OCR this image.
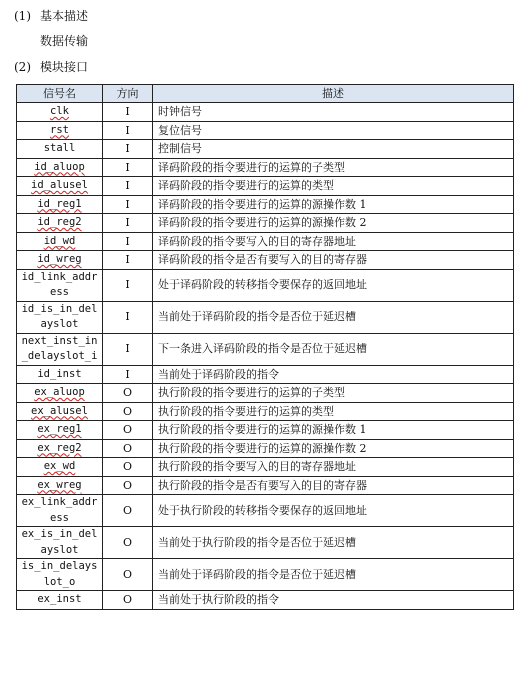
(1) 基本描述
数据传输
(2) 模块接口
信号名	方向	描述
clk	I	时钟信号
rst	I	复位信号
stall	I	控制信号
id_aluop	I	译码阶段的指令要进行的运算的子类型
id_alusel	I	译码阶段的指令要进行的运算的类型
id_reg1	I	译码阶段的指令要进行的运算的源操作数 1
id_reg2	I	译码阶段的指令要进行的运算的源操作数 2
id_wd	I	译码阶段的指令要写入的目的寄存器地址
id_wreg	I	译码阶段的指令是否有要写入的目的寄存器
id_link_address	I	处于译码阶段的转移指令要保存的返回地址
id_is_in_delayslot	I	当前处于译码阶段的指令是否位于延迟槽
next_inst_in_delayslot_i	I	下一条进入译码阶段的指令是否位于延迟槽
id_inst	I	当前处于译码阶段的指令
ex_aluop	O	执行阶段的指令要进行的运算的子类型
ex_alusel	O	执行阶段的指令要进行的运算的类型
ex_reg1	O	执行阶段的指令要进行的运算的源操作数 1
ex_reg2	O	执行阶段的指令要进行的运算的源操作数 2
ex_wd	O	执行阶段的指令要写入的目的寄存器地址
ex_wreg	O	执行阶段的指令是否有要写入的目的寄存器
ex_link_address	O	处于执行阶段的转移指令要保存的返回地址
ex_is_in_delayslot	O	当前处于执行阶段的指令是否位于延迟槽
is_in_delayslot_o	O	当前处于译码阶段的指令是否位于延迟槽
ex_inst	O	当前处于执行阶段的指令
